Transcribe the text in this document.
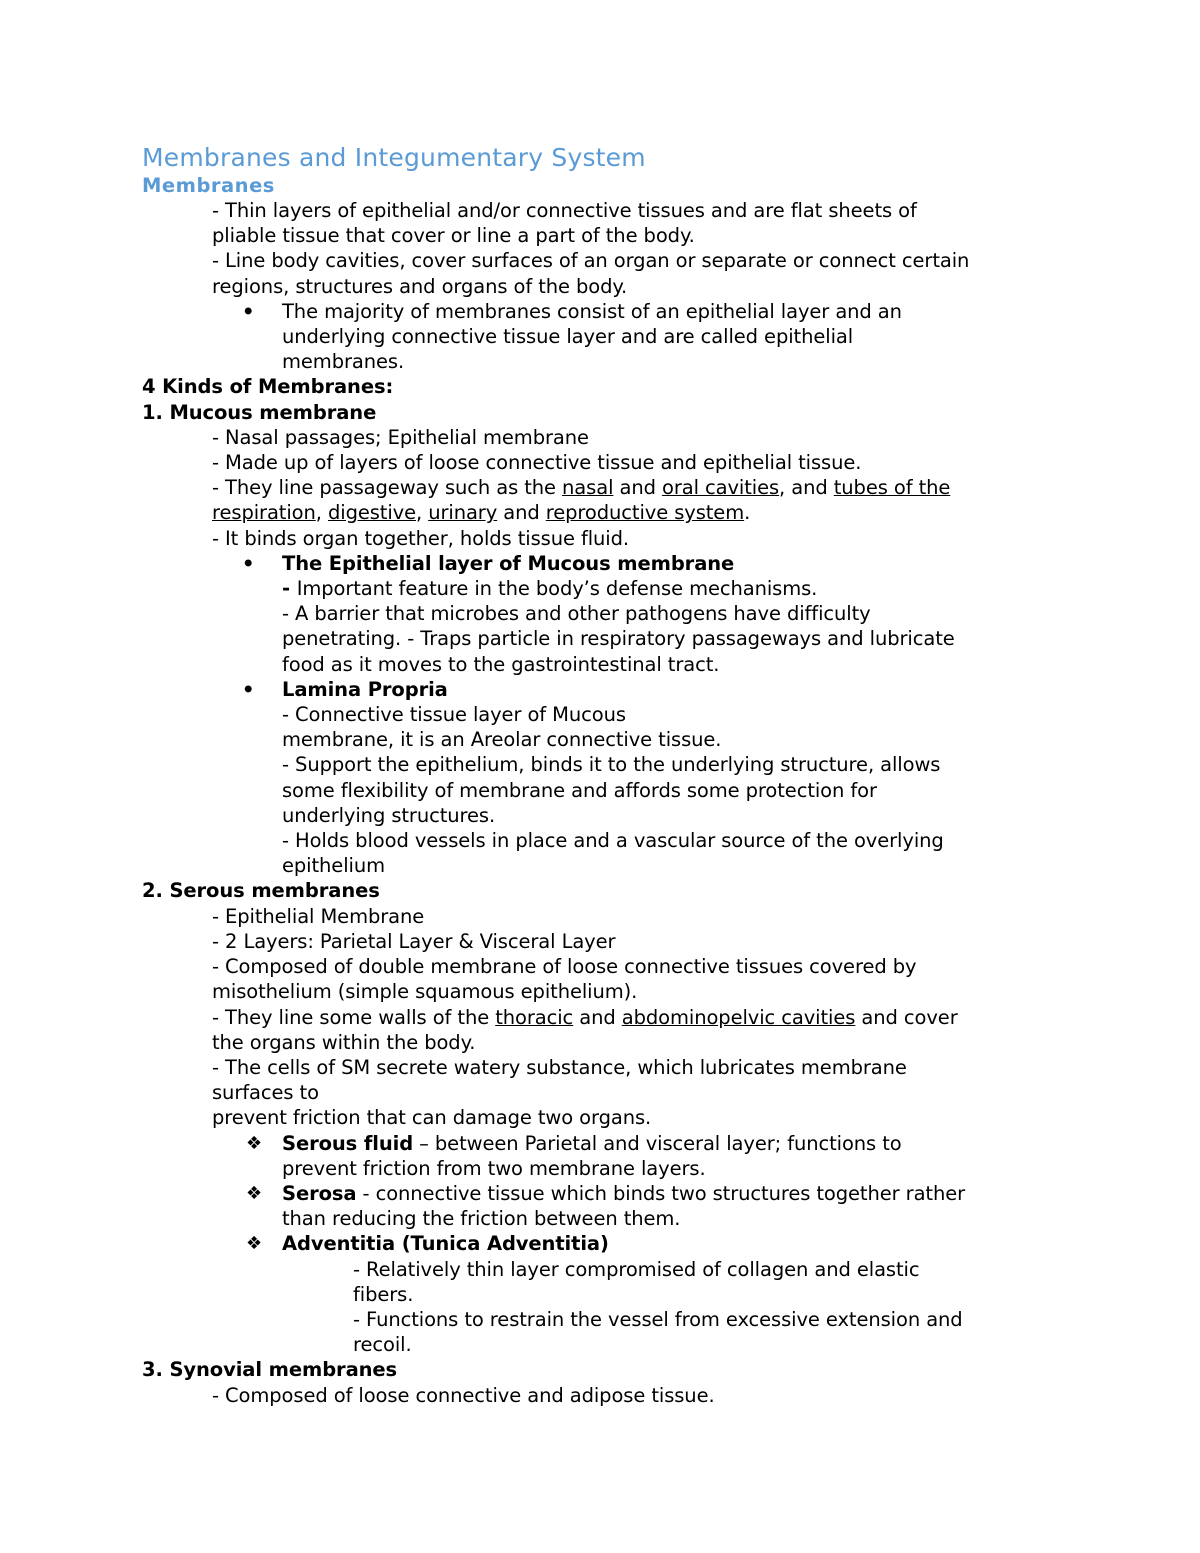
Membranes and Integumentary System
Membranes
- Thin layers of epithelial and/or connective tissues and are flat sheets of
pliable tissue that cover or line a part of the body.
- Line body cavities, cover surfaces of an organ or separate or connect certain
regions, structures and organs of the body.
• The majority of membranes consist of an epithelial layer and an
underlying connective tissue layer and are called epithelial
membranes.
4 Kinds of Membranes:
1. Mucous membrane
- Nasal passages; Epithelial membrane
- Made up of layers of loose connective tissue and epithelial tissue.
- They line passageway such as the nasal and oral cavities, and tubes of the
respiration, digestive, urinary and reproductive system.
- It binds organ together, holds tissue fluid.
• The Epithelial layer of Mucous membrane
- Important feature in the body’s defense mechanisms.
- A barrier that microbes and other pathogens have difficulty
penetrating. - Traps particle in respiratory passageways and lubricate
food as it moves to the gastrointestinal tract.
• Lamina Propria
- Connective tissue layer of Mucous
membrane, it is an Areolar connective tissue.
- Support the epithelium, binds it to the underlying structure, allows
some flexibility of membrane and affords some protection for
underlying structures.
- Holds blood vessels in place and a vascular source of the overlying
epithelium
2. Serous membranes
- Epithelial Membrane
- 2 Layers: Parietal Layer & Visceral Layer
- Composed of double membrane of loose connective tissues covered by
misothelium (simple squamous epithelium).
- They line some walls of the thoracic and abdominopelvic cavities and cover
the organs within the body.
- The cells of SM secrete watery substance, which lubricates membrane
surfaces to
prevent friction that can damage two organs.
❖ Serous fluid – between Parietal and visceral layer; functions to
prevent friction from two membrane layers.
❖ Serosa - connective tissue which binds two structures together rather
than reducing the friction between them.
❖ Adventitia (Tunica Adventitia)
- Relatively thin layer compromised of collagen and elastic
fibers.
- Functions to restrain the vessel from excessive extension and
recoil.
3. Synovial membranes
- Composed of loose connective and adipose tissue.
